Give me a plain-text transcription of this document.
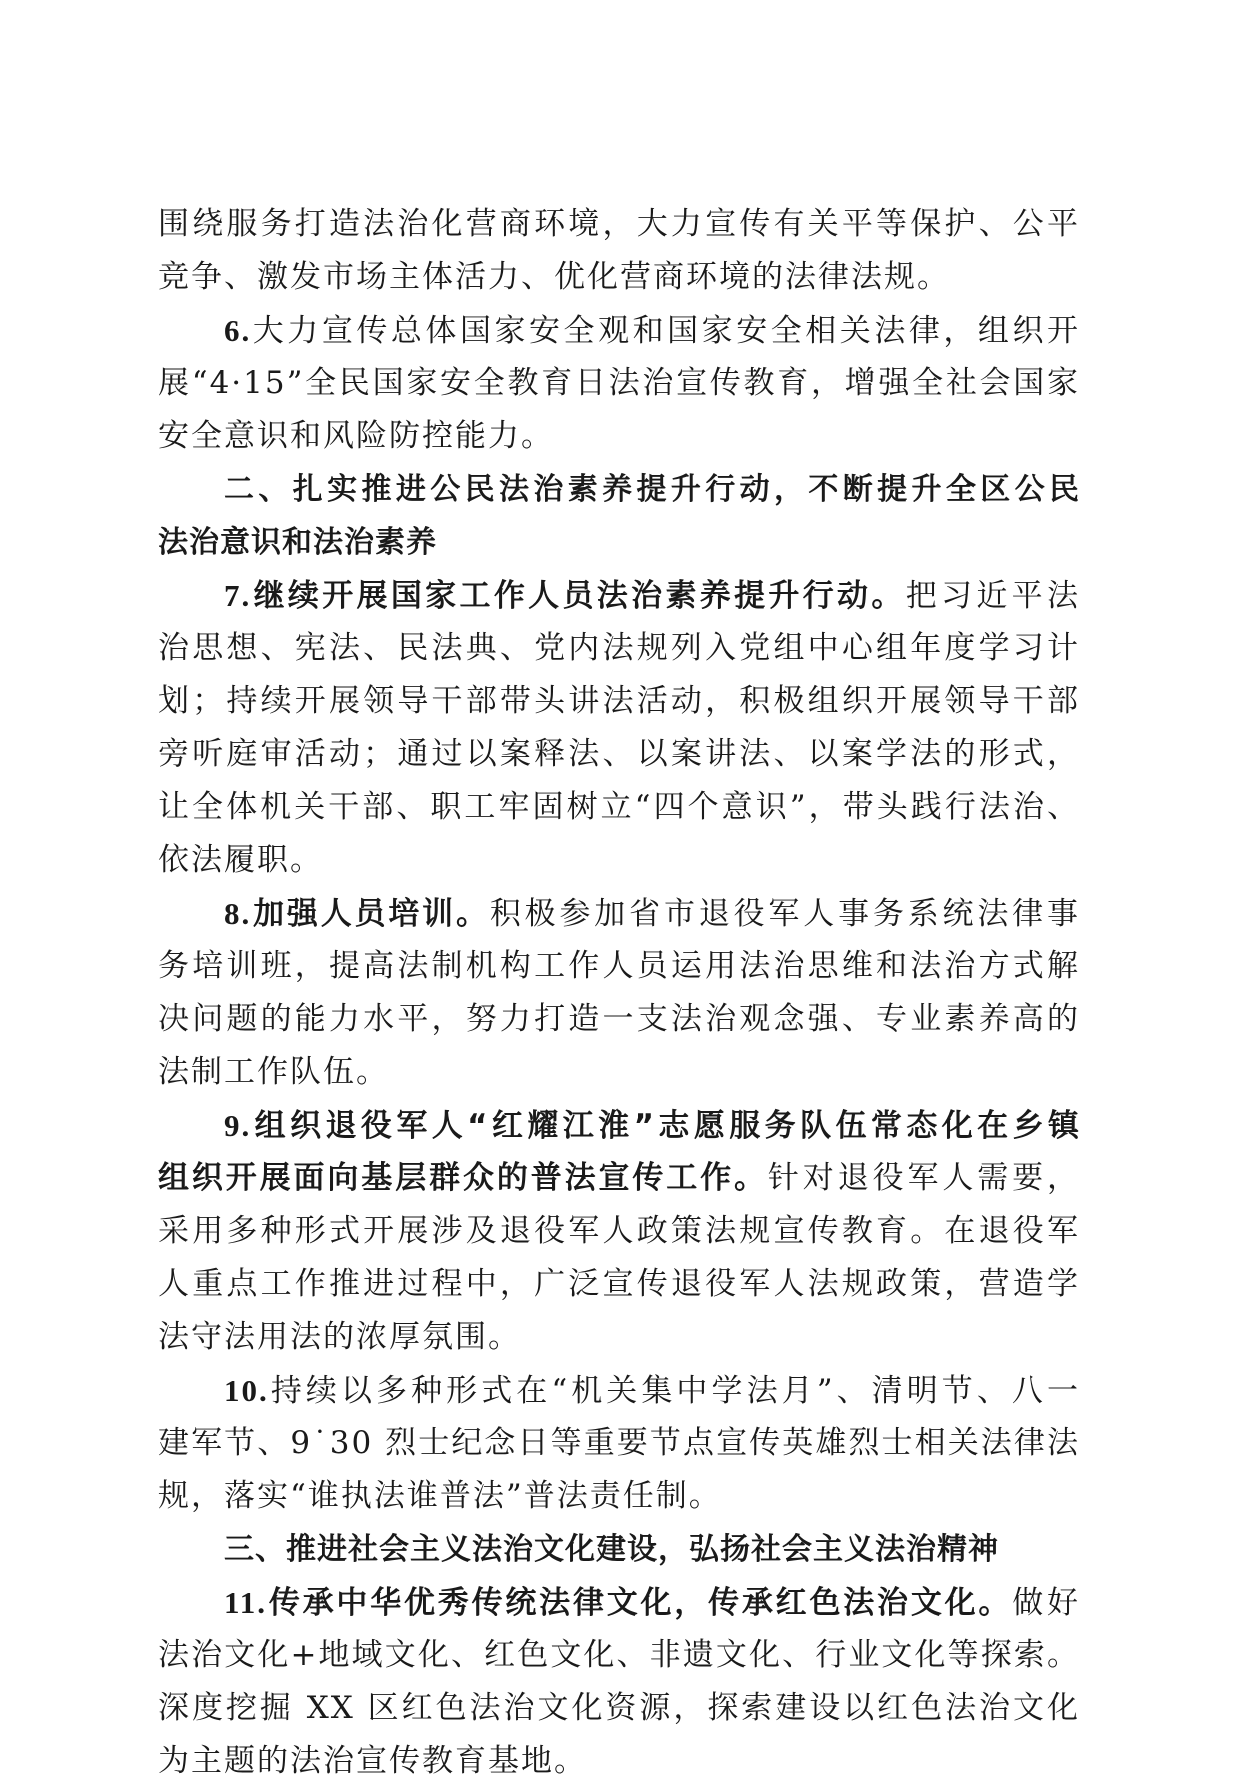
围绕服务打造法治化营商环境，大力宣传有关平等保护、公平
竞争、激发市场主体活力、优化营商环境的法律法规。
6.大力宣传总体国家安全观和国家安全相关法律，组织开
展“4·15”全民国家安全教育日法治宣传教育，增强全社会国家
安全意识和风险防控能力。
二、扎实推进公民法治素养提升行动，不断提升全区公民
法治意识和法治素养
7.继续开展国家工作人员法治素养提升行动。把习近平法
治思想、宪法、民法典、党内法规列入党组中心组年度学习计
划；持续开展领导干部带头讲法活动，积极组织开展领导干部
旁听庭审活动；通过以案释法、以案讲法、以案学法的形式，
让全体机关干部、职工牢固树立“四个意识”，带头践行法治、
依法履职。
8.加强人员培训。积极参加省市退役军人事务系统法律事
务培训班，提高法制机构工作人员运用法治思维和法治方式解
决问题的能力水平，努力打造一支法治观念强、专业素养高的
法制工作队伍。
9.组织退役军人“红耀江淮”志愿服务队伍常态化在乡镇
组织开展面向基层群众的普法宣传工作。针对退役军人需要，
采用多种形式开展涉及退役军人政策法规宣传教育。在退役军
人重点工作推进过程中，广泛宣传退役军人法规政策，营造学
法守法用法的浓厚氛围。
10.持续以多种形式在“机关集中学法月”、清明节、八一
建军节、9˙30 烈士纪念日等重要节点宣传英雄烈士相关法律法
规，落实“谁执法谁普法”普法责任制。
三、推进社会主义法治文化建设，弘扬社会主义法治精神
11.传承中华优秀传统法律文化，传承红色法治文化。做好
法治文化+地域文化、红色文化、非遗文化、行业文化等探索。
深度挖掘 XX 区红色法治文化资源，探索建设以红色法治文化
为主题的法治宣传教育基地。
